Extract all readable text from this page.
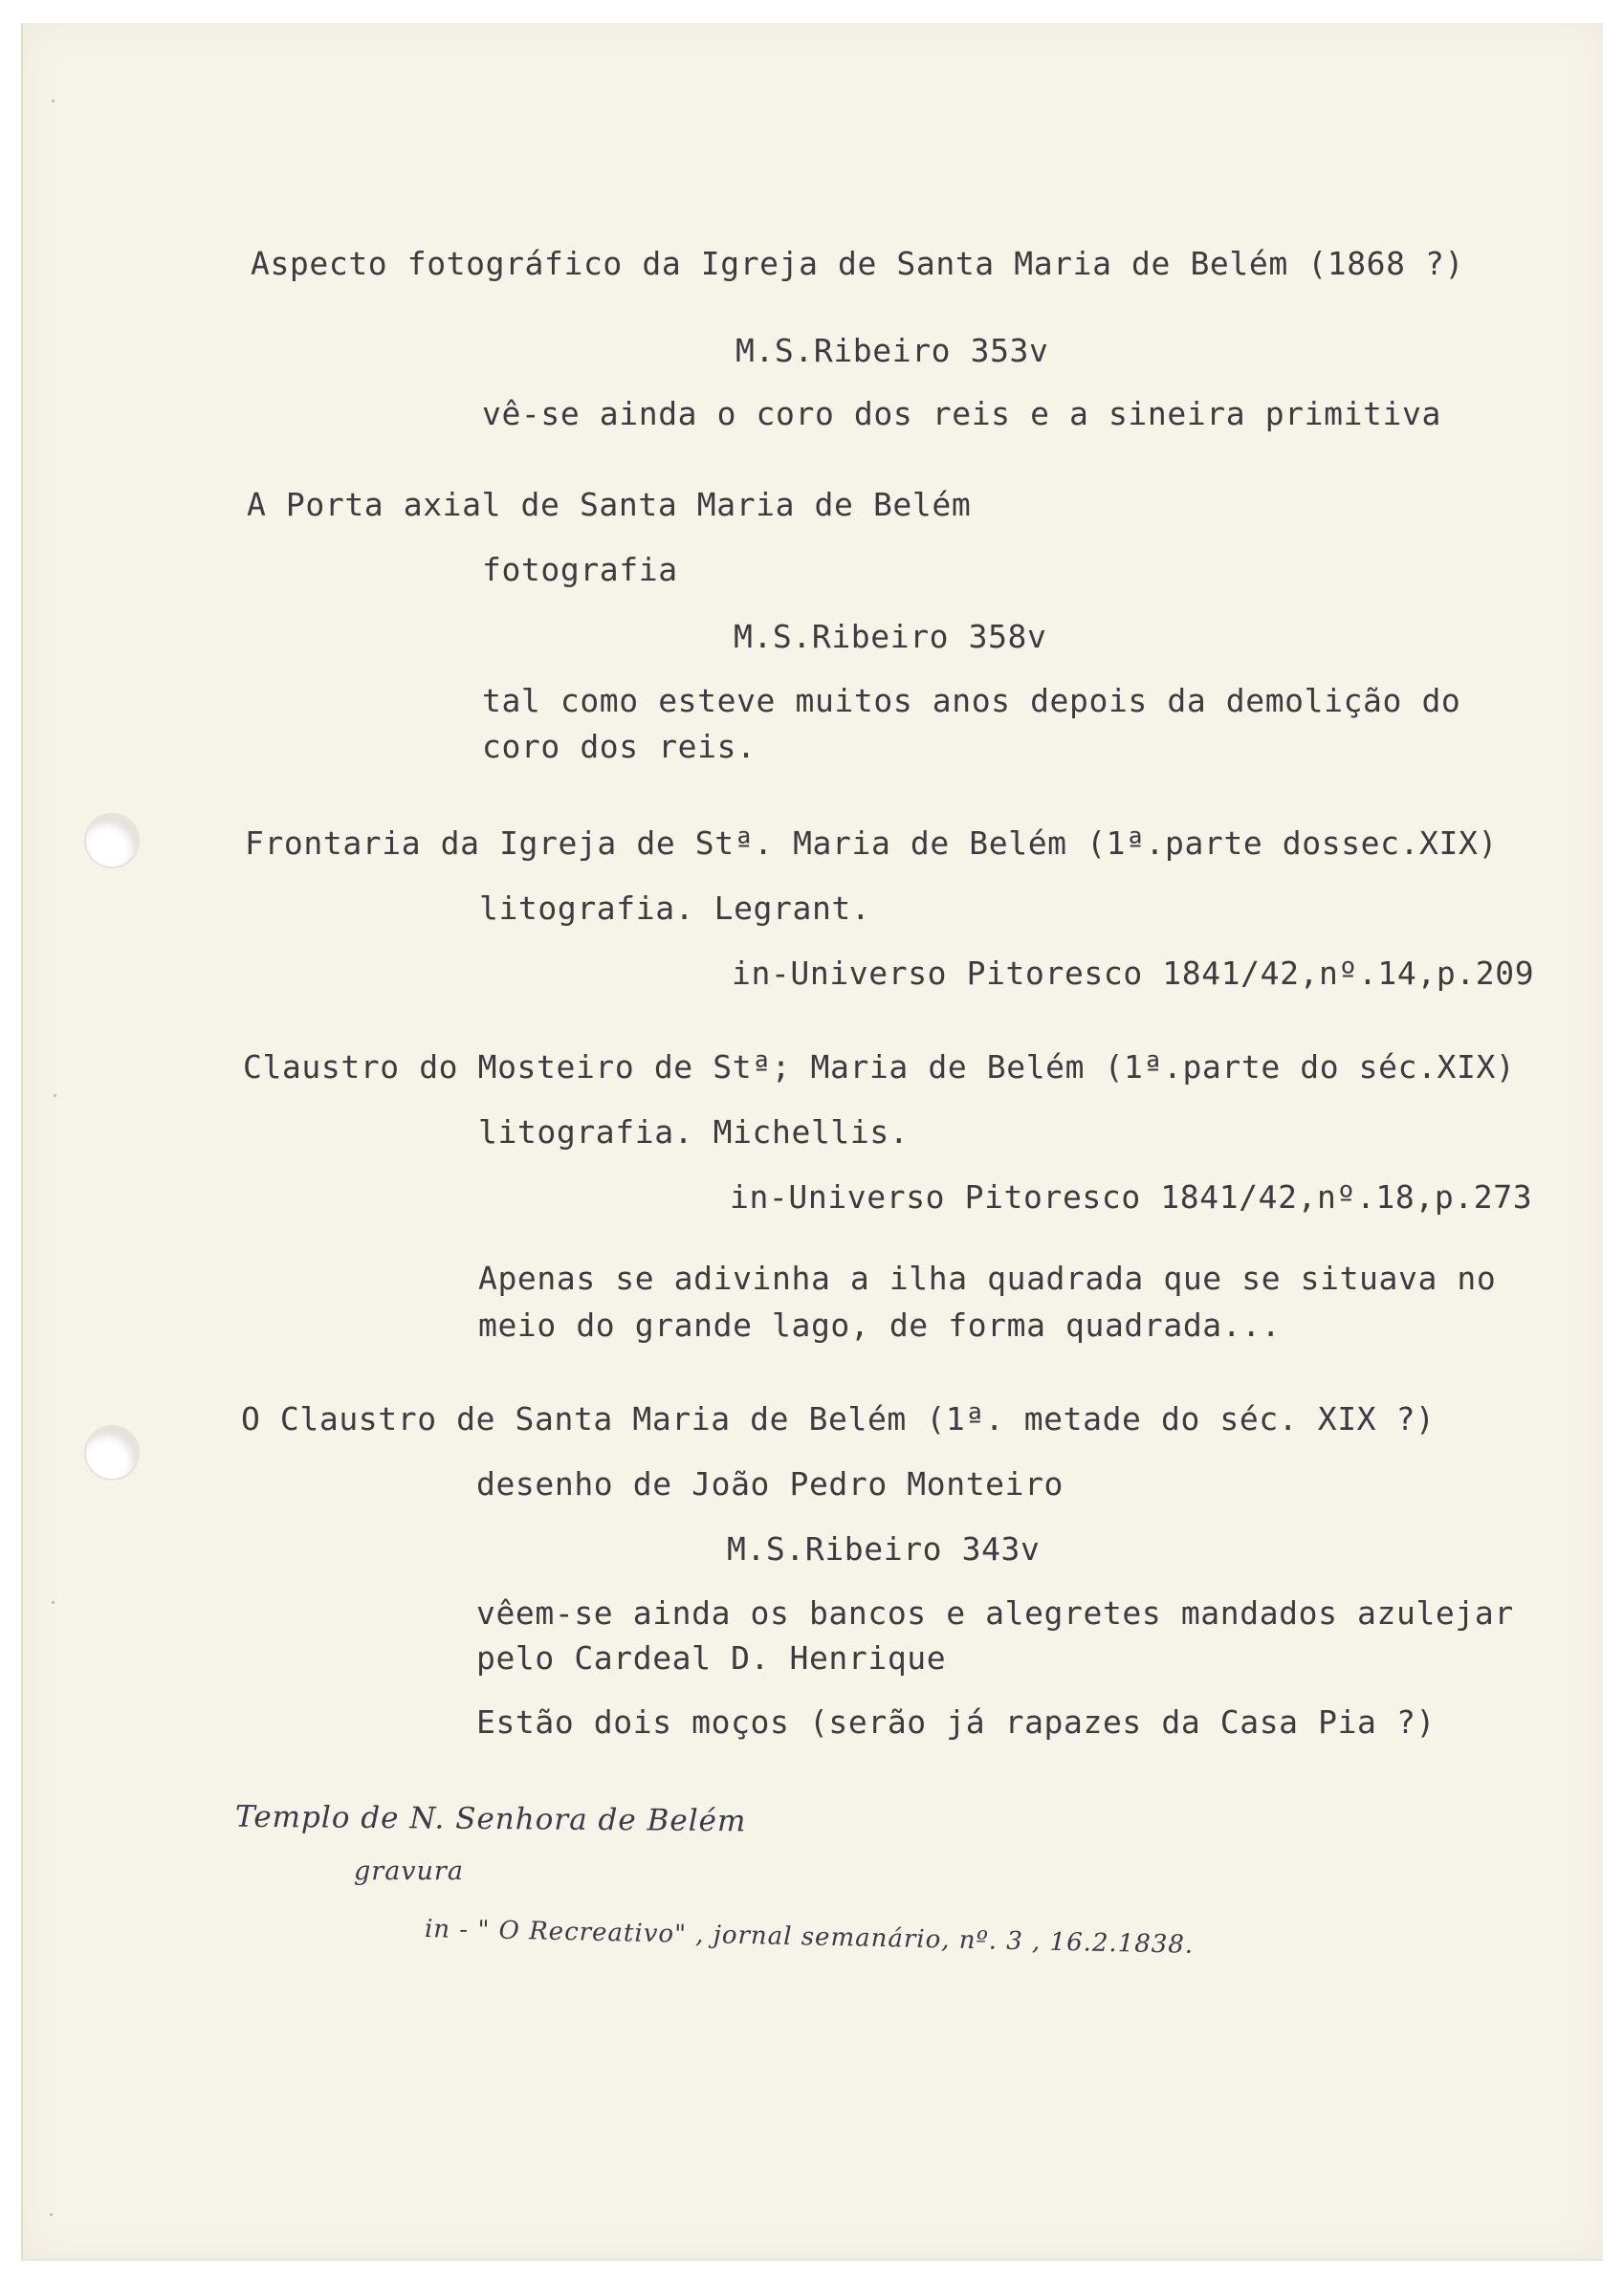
Aspecto fotográfico da Igreja de Santa Maria de Belém (1868 ?)
M.S.Ribeiro 353v
vê-se ainda o coro dos reis e a sineira primitiva
A Porta axial de Santa Maria de Belém
fotografia
M.S.Ribeiro 358v
tal como esteve muitos anos depois da demolição do
coro dos reis.
Frontaria da Igreja de Stª. Maria de Belém (1ª.parte dossec.XIX)
litografia. Legrant.
in-Universo Pitoresco 1841/42,nº.14,p.209
Claustro do Mosteiro de Stª; Maria de Belém (1ª.parte do séc.XIX)
litografia. Michellis.
in-Universo Pitoresco 1841/42,nº.18,p.273
Apenas se adivinha a ilha quadrada que se situava no
meio do grande lago, de forma quadrada...
O Claustro de Santa Maria de Belém (1ª. metade do séc. XIX ?)
desenho de João Pedro Monteiro
M.S.Ribeiro 343v
vêem-se ainda os bancos e alegretes mandados azulejar
pelo Cardeal D. Henrique
Estão dois moços (serão já rapazes da Casa Pia ?)
Templo de N. Senhora de Belém
gravura
in - " O Recreativo" , jornal semanário, nº. 3 , 16.2.1838.
